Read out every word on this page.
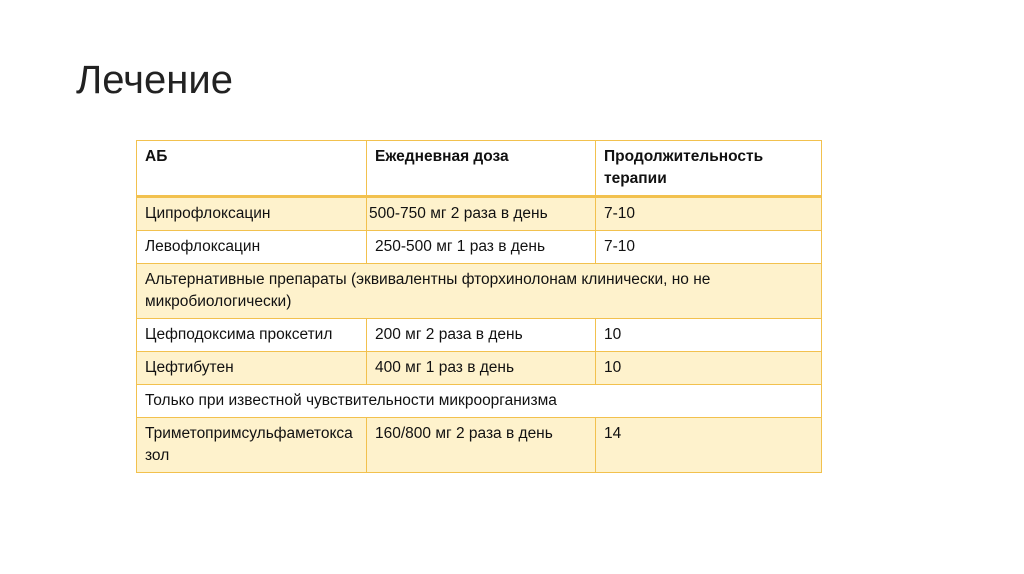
Лечение
АБ	Ежедневная доза	Продолжительность терапии
Ципрофлоксацин	500-750 мг 2 раза в день	7-10
Левофлоксацин	250-500 мг 1 раз в день	7-10
Альтернативные препараты (эквивалентны фторхинолонам клинически, но не микробиологически)		
Цефподоксима проксетил	200 мг 2 раза в день	10
Цефтибутен	400 мг 1 раз в день	10
Только при известной чувствительности микроорганизма		
Триметопримсульфаметоксазол	160/800 мг 2 раза в день	14
